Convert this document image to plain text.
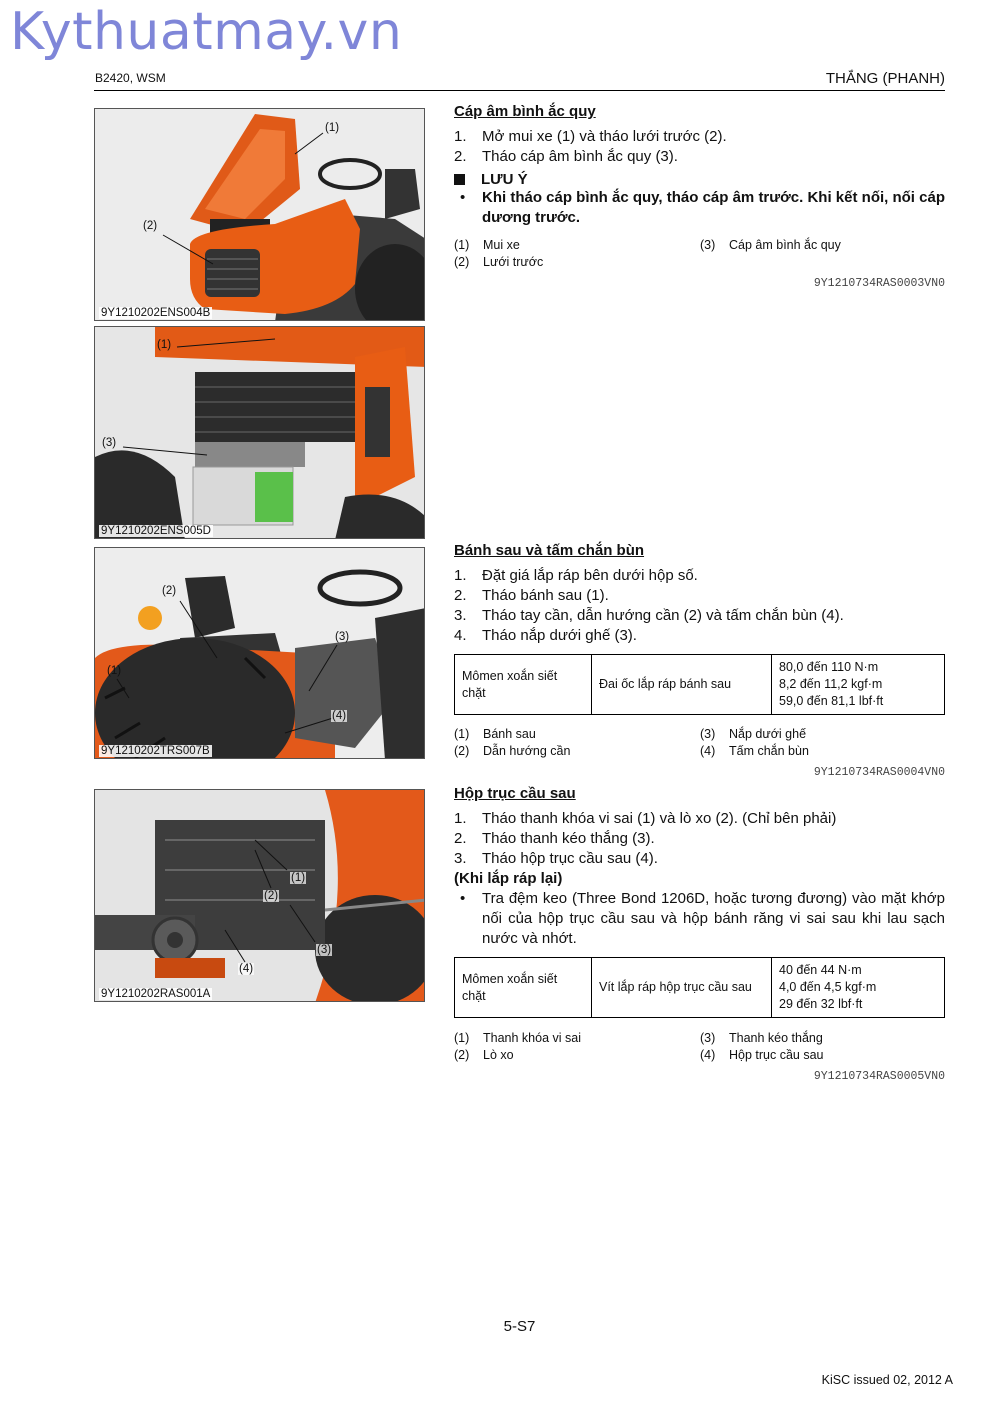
Kythuatmay.vn
B2420, WSM	THẮNG (PHANH)
(1)
(2)
9Y1210202ENS004B
(1)
(3)
9Y1210202ENS005D
(2)
(3)
(1)
(4)
9Y1210202TRS007B
(1)
(2)
(3)
(4)
9Y1210202RAS001A
Cáp âm bình ắc quy
1.	Mở mui xe (1) và tháo lưới trước (2).
2.	Tháo cáp âm bình ắc quy (3).
LƯU Ý
•	Khi tháo cáp bình ắc quy, tháo cáp âm trước. Khi kết nối, nối cáp dương trước.
(1)	Mui xe	(3)	Cáp âm bình ắc quy
(2)	Lưới trước
9Y1210734RAS0003VN0
Bánh sau và tấm chắn bùn
1.	Đặt giá lắp ráp bên dưới hộp số.
2.	Tháo bánh sau (1).
3.	Tháo tay cần, dẫn hướng cần (2) và tấm chắn bùn (4).
4.	Tháo nắp dưới ghế (3).
Mômen xoắn siết chặt	Đai ốc lắp ráp bánh sau	
80,0 đến 110 N·m
8,2 đến 11,2 kgf·m
59,0 đến 81,1 lbf·ft
(1)	Bánh sau	(3)	Nắp dưới ghế
(2)	Dẫn hướng cần	(4)	Tấm chắn bùn
9Y1210734RAS0004VN0
Hộp trục cầu sau
1.	Tháo thanh khóa vi sai (1) và lò xo (2). (Chỉ bên phải)
2.	Tháo thanh kéo thắng (3).
3.	Tháo hộp trục cầu sau (4).
(Khi lắp ráp lại)
•	Tra đệm keo (Three Bond 1206D, hoặc tương đương) vào mặt khớp nối của hộp trục cầu sau và hộp bánh răng vi sai sau khi lau sạch nước và nhớt.
Mômen xoắn siết chặt	Vít lắp ráp hộp trục cầu sau	
40 đến 44 N·m
4,0 đến 4,5 kgf·m
29 đến 32 lbf·ft
(1)	Thanh khóa vi sai	(3)	Thanh kéo thắng
(2)	Lò xo	(4)	Hộp trục cầu sau
9Y1210734RAS0005VN0
5-S7
KiSC issued 02, 2012 A
